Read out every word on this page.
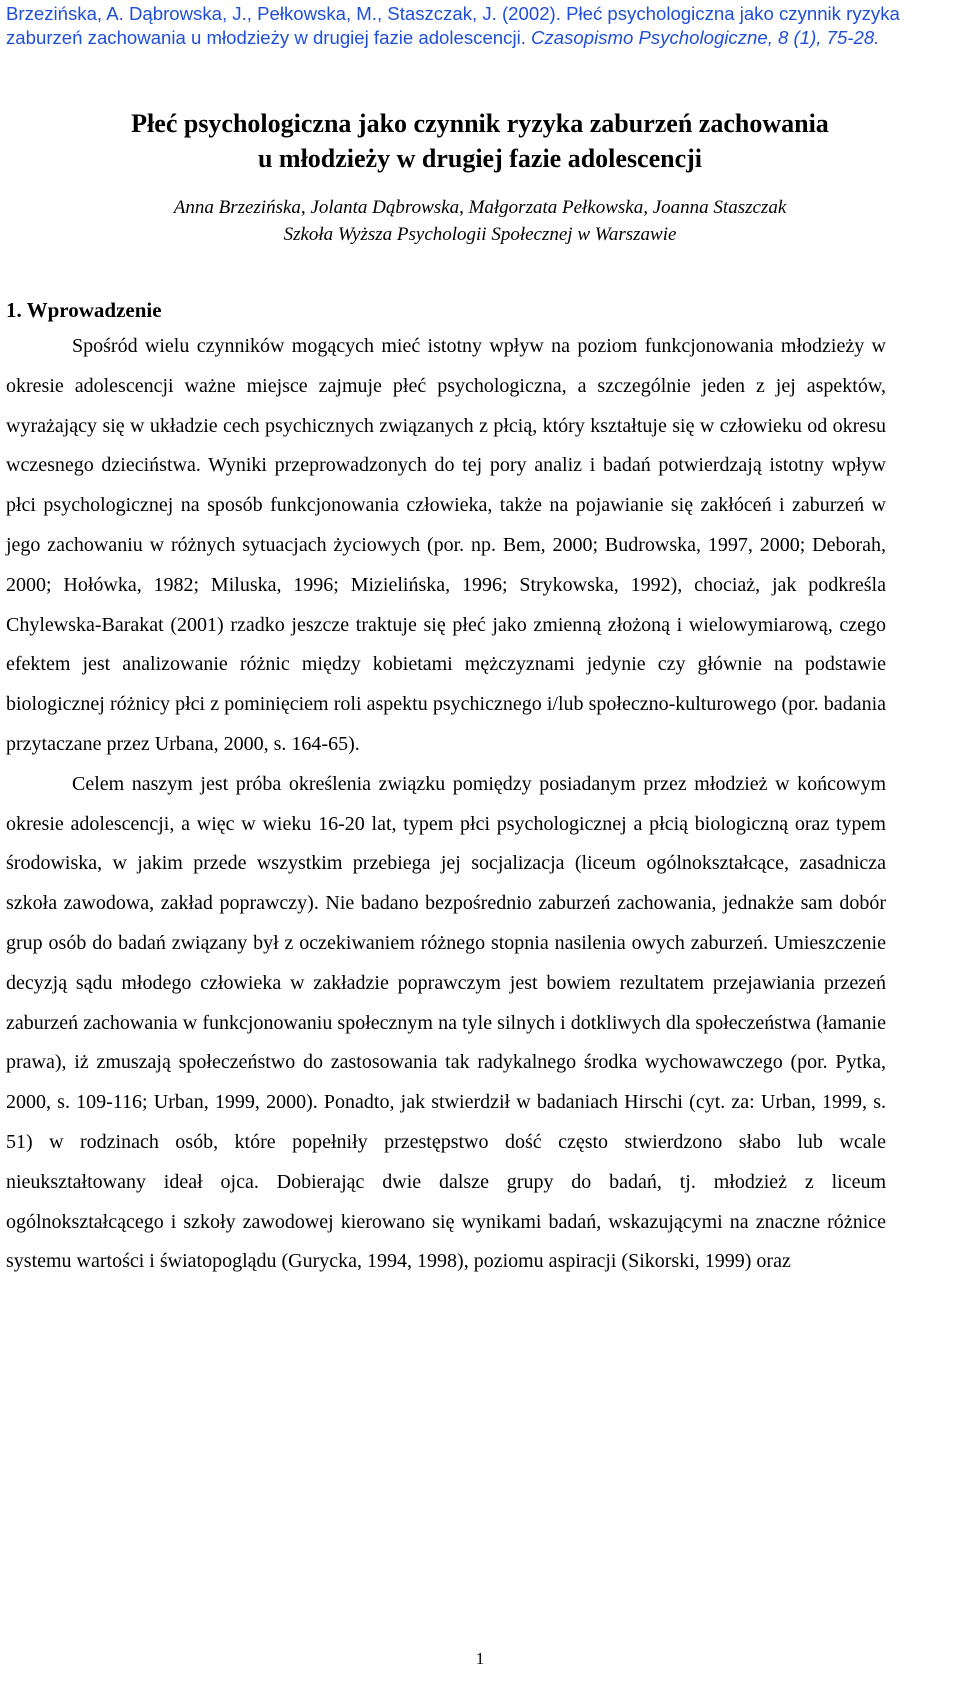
Brzezińska, A. Dąbrowska, J., Pełkowska, M., Staszczak, J. (2002). Płeć psychologiczna jako czynnik ryzyka zaburzeń zachowania u młodzieży w drugiej fazie adolescencji. Czasopismo Psychologiczne, 8 (1), 75-28.
Płeć psychologiczna jako czynnik ryzyka zaburzeń zachowania
u młodzieży w drugiej fazie adolescencji
Anna Brzezińska, Jolanta Dąbrowska, Małgorzata Pełkowska, Joanna Staszczak
Szkoła Wyższa Psychologii Społecznej w Warszawie
1. Wprowadzenie

Spośród wielu czynników mogących mieć istotny wpływ na poziom funkcjonowania młodzieży w okresie adolescencji ważne miejsce zajmuje płeć psychologiczna, a szczególnie jeden z jej aspektów, wyrażający się w układzie cech psychicznych związanych z płcią, który kształtuje się w człowieku od okresu wczesnego dzieciństwa. Wyniki przeprowadzonych do tej pory analiz i badań potwierdzają istotny wpływ płci psychologicznej na sposób funkcjonowania człowieka, także na pojawianie się zakłóceń i zaburzeń w jego zachowaniu w różnych sytuacjach życiowych (por. np. Bem, 2000; Budrowska, 1997, 2000; Deborah, 2000; Hołówka, 1982; Miluska, 1996; Mizielińska, 1996; Strykowska, 1992), chociaż, jak podkreśla Chylewska-Barakat (2001) rzadko jeszcze traktuje się płeć jako zmienną złożoną i wielowymiarową, czego efektem jest analizowanie różnic między kobietami mężczyznami jedynie czy głównie na podstawie biologicznej różnicy płci z pominięciem roli aspektu psychicznego i/lub społeczno-kulturowego (por. badania przytaczane przez Urbana, 2000, s. 164-65).

Celem naszym jest próba określenia związku pomiędzy posiadanym przez młodzież w końcowym okresie adolescencji, a więc w wieku 16-20 lat, typem płci psychologicznej a płcią biologiczną oraz typem środowiska, w jakim przede wszystkim przebiega jej socjalizacja (liceum ogólnokształcące, zasadnicza szkoła zawodowa, zakład poprawczy). Nie badano bezpośrednio zaburzeń zachowania, jednakże sam dobór grup osób do badań związany był z oczekiwaniem różnego stopnia nasilenia owych zaburzeń. Umieszczenie decyzją sądu młodego człowieka w zakładzie poprawczym jest bowiem rezultatem przejawiania przezeń zaburzeń zachowania w funkcjonowaniu społecznym na tyle silnych i dotkliwych dla społeczeństwa (łamanie prawa), iż zmuszają społeczeństwo do zastosowania tak radykalnego środka wychowawczego (por. Pytka, 2000, s. 109-116; Urban, 1999, 2000). Ponadto, jak stwierdził w badaniach Hirschi (cyt. za: Urban, 1999, s. 51) w rodzinach osób, które popełniły przestępstwo dość często stwierdzono słabo lub wcale nieukształtowany ideał ojca. Dobierając dwie dalsze grupy do badań, tj. młodzież z liceum ogólnokształcącego i szkoły zawodowej kierowano się wynikami badań, wskazującymi na znaczne różnice systemu wartości i światopoglądu (Gurycka, 1994, 1998), poziomu aspiracji (Sikorski, 1999) oraz

1
